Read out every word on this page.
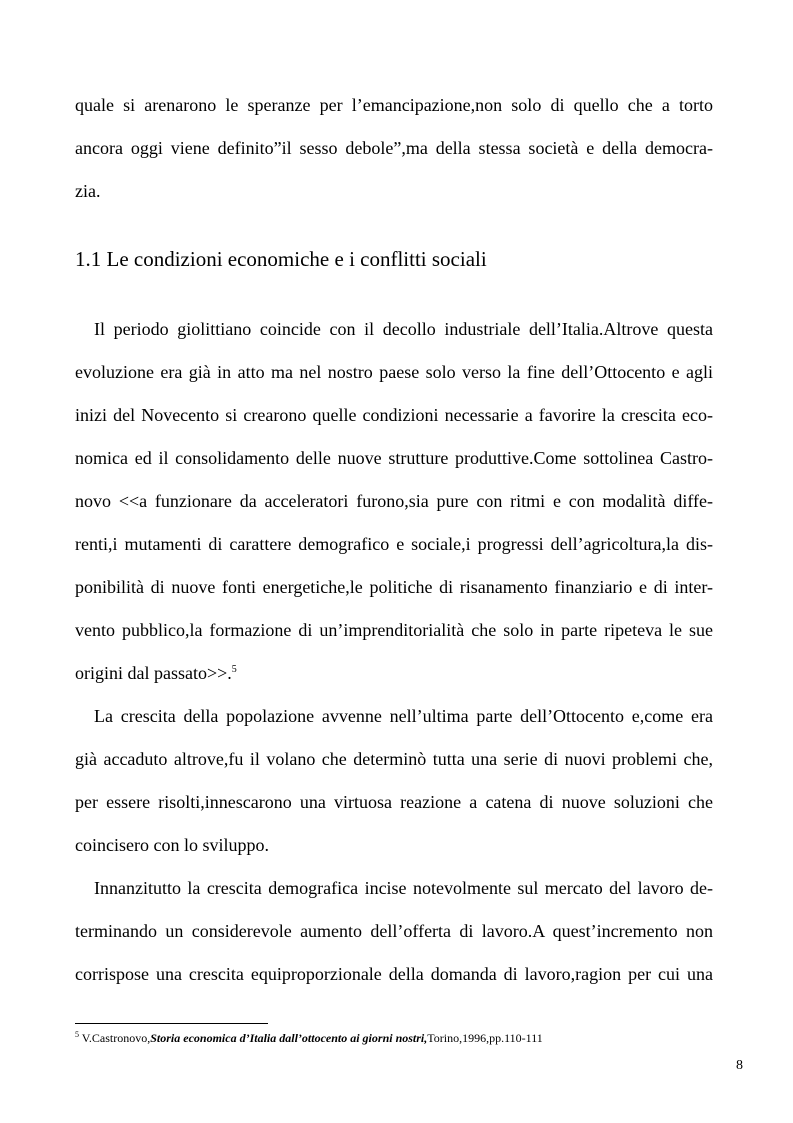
quale si arenarono le speranze per l’emancipazione,non solo di quello che a torto
ancora oggi viene definito”il sesso debole”,ma della stessa società e della democra-
zia.
1.1 Le condizioni economiche e i conflitti sociali
Il periodo giolittiano coincide con il decollo industriale dell’Italia.Altrove questa
evoluzione era già in atto ma nel nostro paese solo verso la fine dell’Ottocento e agli
inizi del Novecento si crearono quelle condizioni necessarie a favorire la crescita eco-
nomica ed il consolidamento delle nuove strutture produttive.Come sottolinea Castro-
novo <<a funzionare da acceleratori furono,sia pure con ritmi e con modalità diffe-
renti,i mutamenti di carattere demografico e sociale,i progressi dell’agricoltura,la dis-
ponibilità di nuove fonti energetiche,le politiche di risanamento finanziario e di inter-
vento pubblico,la formazione di un’imprenditorialità che solo in parte ripeteva le sue
origini dal passato>>.$^5$
La crescita della popolazione avvenne nell’ultima parte dell’Ottocento e,come era
già accaduto altrove,fu il volano che determinò tutta una serie di nuovi problemi che,
per essere risolti,innescarono una virtuosa reazione a catena di nuove soluzioni che
coincisero con lo sviluppo.
Innanzitutto la crescita demografica incise notevolmente sul mercato del lavoro de-
terminando un considerevole aumento dell’offerta di lavoro.A quest’incremento non
corrispose una crescita equiproporzionale della domanda di lavoro,ragion per cui una
$^5$ V.Castronovo,Storia economica d’Italia dall’ottocento ai giorni nostri,Torino,1996,pp.110-111
8
